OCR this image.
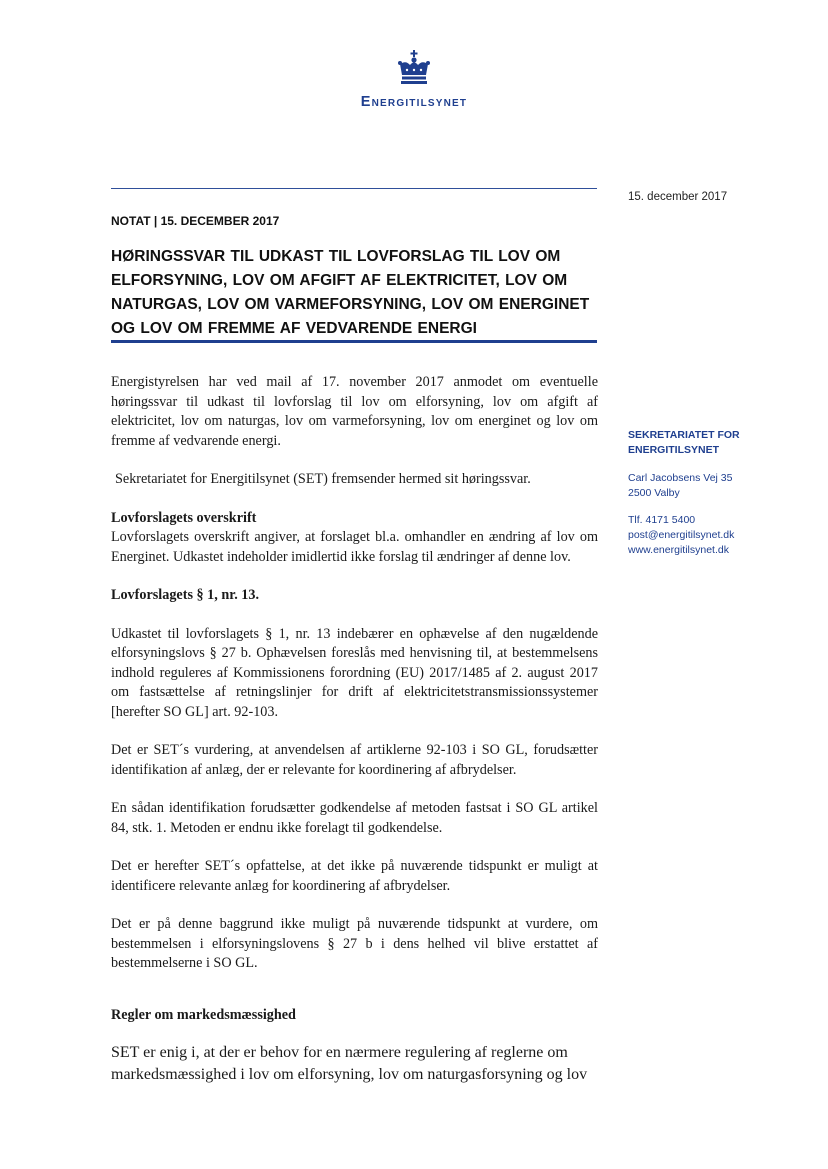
Energitilsynet
15. december 2017
NOTAT | 15. DECEMBER 2017
HØRINGSSVAR TIL UDKAST TIL LOVFORSLAG TIL LOV OM ELFORSYNING, LOV OM AFGIFT AF ELEKTRICITET, LOV OM NATURGAS, LOV OM VARMEFORSYNING, LOV OM ENERGINET OG LOV OM FREMME AF VEDVARENDE ENERGI
SEKRETARIATET FOR
ENERGITILSYNET
Carl Jacobsens Vej 35
2500 Valby
Tlf. 4171 5400
post@energitilsynet.dk
www.energitilsynet.dk

Energistyrelsen har ved mail af 17. november 2017 anmodet om eventuelle høringssvar til udkast til lovforslag til lov om elforsyning, lov om afgift af elektricitet, lov om naturgas, lov om varmeforsyning, lov om energinet og lov om fremme af vedvarende energi.

Sekretariatet for Energitilsynet (SET) fremsender hermed sit høringssvar.

Lovforslagets overskrift

Lovforslagets overskrift angiver, at forslaget bl.a. omhandler en ændring af lov om Energinet. Udkastet indeholder imidlertid ikke forslag til ændringer af denne lov.

Lovforslagets § 1, nr. 13.

Udkastet til lovforslagets § 1, nr. 13 indebærer en ophævelse af den nugældende elforsyningslovs § 27 b. Ophævelsen foreslås med henvisning til, at bestemmelsens indhold reguleres af Kommissionens forordning (EU) 2017/1485 af 2. august 2017 om fastsættelse af retningslinjer for drift af elektricitetstransmissionssystemer [herefter SO GL] art. 92-103.

Det er SET´s vurdering, at anvendelsen af artiklerne 92-103 i SO GL, forudsætter identifikation af anlæg, der er relevante for koordinering af afbrydelser.

En sådan identifikation forudsætter godkendelse af metoden fastsat i SO GL artikel 84, stk. 1. Metoden er endnu ikke forelagt til godkendelse.

Det er herefter SET´s opfattelse, at det ikke på nuværende tidspunkt er muligt at identificere relevante anlæg for koordinering af afbrydelser.

Det er på denne baggrund ikke muligt på nuværende tidspunkt at vurdere, om bestemmelsen i elforsyningslovens § 27 b i dens helhed vil blive erstattet af bestemmelserne i SO GL.

Regler om markedsmæssighed

SET er enig i, at der er behov for en nærmere regulering af reglerne om markedsmæssighed i lov om elforsyning, lov om naturgasforsyning og lov
